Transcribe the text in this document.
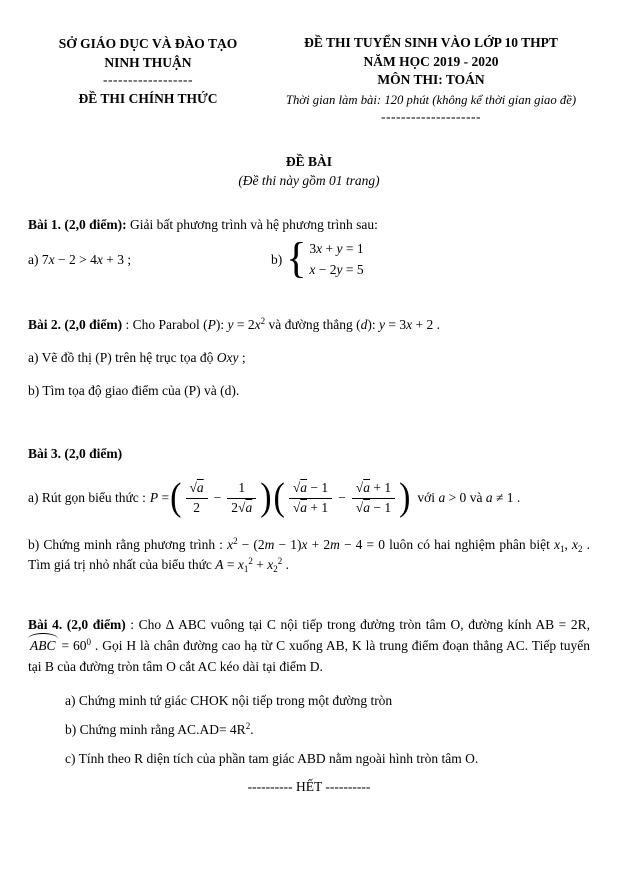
SỞ GIÁO DỤC VÀ ĐÀO TẠO
NINH THUẬN
------------------
ĐỀ THI CHÍNH THỨC
ĐỀ THI TUYỂN SINH VÀO LỚP 10 THPT
NĂM HỌC 2019 - 2020
MÔN THI: TOÁN
Thời gian làm bài: 120 phút (không kể thời gian giao đề)
--------------------
ĐỀ BÀI
(Đề thi này gồm 01 trang)

Bài 1. (2,0 điểm): Giải bất phương trình và hệ phương trình sau:

a) 7x − 2 > 4x + 3 ;	b) { 3x + y = 1
x − 2y = 5

Bài 2. (2,0 điểm) : Cho Parabol (P): $y = 2x^2$ và đường thẳng (d): y = 3x + 2 .

a) Vẽ đồ thị (P) trên hệ trục tọa độ Oxy ;

b) Tìm tọa độ giao điểm của (P) và (d).

Bài 3. (2,0 điểm)

a) Rút gọn biểu thức : P = ( $\frac{√a}{2} - \frac{1}{2√a}$ ) ( $\frac{√a - 1}{√a + 1} - \frac{√a + 1}{√a - 1}$ ) với a > 0 và a ≠ 1 .

b) Chứng minh rằng phương trình : $x^2 - (2m - 1)x + 2m - 4 = 0$ luôn có hai nghiệm phân biệt $x_1$, $x_2$ . Tìm giá trị nhỏ nhất của biểu thức $A = x_1^2 + x_2^2$ .

Bài 4. (2,0 điểm) : Cho Δ ABC vuông tại C nội tiếp trong đường tròn tâm O, đường kính AB = 2R, ABC = $60^0$ . Gọi H là chân đường cao hạ từ C xuống AB, K là trung điểm đoạn thẳng AC. Tiếp tuyến tại B của đường tròn tâm O cắt AC kéo dài tại điểm D.

a) Chứng minh tứ giác CHOK nội tiếp trong một đường tròn

b) Chứng minh rằng $AC.AD= 4R^2$.

c) Tính theo R diện tích của phần tam giác ABD nằm ngoài hình tròn tâm O.

---------- HẾT ----------
